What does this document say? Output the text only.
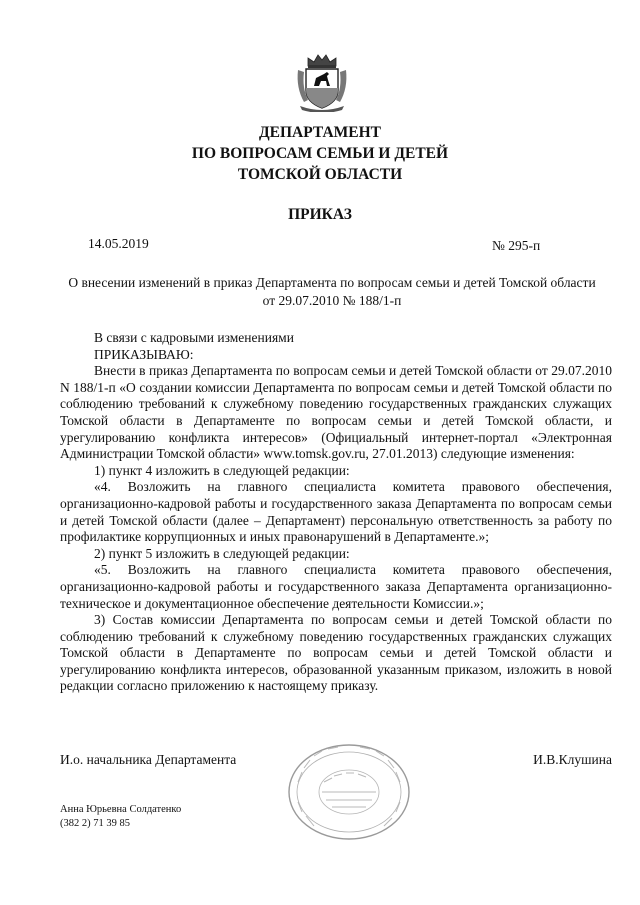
ДЕПАРТАМЕНТ
ПО ВОПРОСАМ СЕМЬИ И ДЕТЕЙ
ТОМСКОЙ ОБЛАСТИ
ПРИКАЗ
14.05.2019	№ 295-п
О внесении изменений в приказ Департамента по вопросам семьи и детей Томской области
от 29.07.2010 № 188/1-п

В связи с кадровыми изменениями

ПРИКАЗЫВАЮ:

Внести в приказ Департамента по вопросам семьи и детей Томской области от 29.07.2010 N 188/1-п «О создании комиссии Департамента по вопросам семьи и детей Томской области по соблюдению требований к служебному поведению государственных гражданских служащих Томской области в Департаменте по вопросам семьи и детей Томской области, и урегулированию конфликта интересов» (Официальный интернет-портал «Электронная Администрации Томской области» www.tomsk.gov.ru, 27.01.2013) следующие изменения:

1) пункт 4 изложить в следующей редакции:

«4. Возложить на главного специалиста комитета правового обеспечения, организационно-кадровой работы и государственного заказа Департамента по вопросам семьи и детей Томской области (далее – Департамент) персональную ответственность за работу по профилактике коррупционных и иных правонарушений в Департаменте.»;

2) пункт 5 изложить в следующей редакции:

«5. Возложить на главного специалиста комитета правового обеспечения, организационно-кадровой работы и государственного заказа Департамента организационно-техническое и документационное обеспечение деятельности Комиссии.»;

3) Состав комиссии Департамента по вопросам семьи и детей Томской области по соблюдению требований к служебному поведению государственных гражданских служащих Томской области в Департаменте по вопросам семьи и детей Томской области и урегулированию конфликта интересов, образованной указанным приказом, изложить в новой редакции согласно приложению к настоящему приказу.

И.о. начальника Департамента	И.В.Клушина
Анна Юрьевна Солдатенко
(382 2) 71 39 85
